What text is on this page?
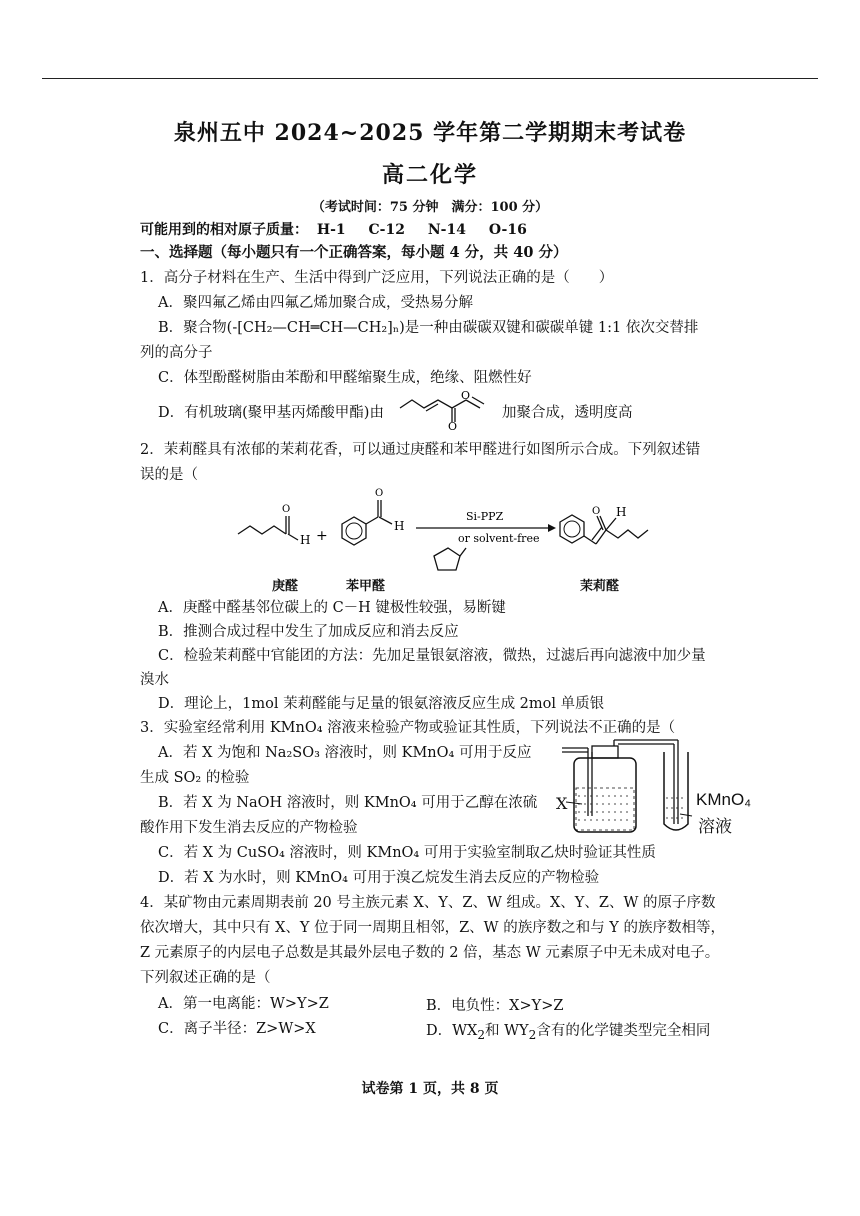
泉州五中 2024~2025 学年第二学期期末考试卷
高二化学
（考试时间：75 分钟　满分：100 分）
可能用到的相对原子质量： H-1 C-12 N-14 O-16
一、选择题（每小题只有一个正确答案，每小题 4 分，共 40 分）
1．高分子材料在生产、生活中得到广泛应用，下列说法正确的是（　　）
A．聚四氟乙烯由四氟乙烯加聚合成，受热易分解
B．聚合物(-[CH₂—CH═CH—CH₂]ₙ)是一种由碳碳双键和碳碳单键 1:1 依次交替排
列的高分子
C．体型酚醛树脂由苯酚和甲醛缩聚生成，绝缘、阻燃性好
D．有机玻璃(聚甲基丙烯酸甲酯)由
O
O
加聚合成，透明度高
2．茉莉醛具有浓郁的茉莉花香，可以通过庚醛和苯甲醛进行如图所示合成。下列叙述错
误的是（
O
H +
O
H
Si-PPZ
or solvent-free
O H
庚醛	苯甲醛	茉莉醛
A．庚醛中醛基邻位碳上的 C－H 键极性较强，易断键
B．推测合成过程中发生了加成反应和消去反应
C．检验茉莉醛中官能团的方法：先加足量银氨溶液，微热，过滤后再向滤液中加少量
溴水
D．理论上，1mol 茉莉醛能与足量的银氨溶液反应生成 2mol 单质银
3．实验室经常利用 KMnO₄ 溶液来检验产物或验证其性质，下列说法不正确的是（
A．若 X 为饱和 Na₂SO₃ 溶液时，则 KMnO₄ 可用于反应
生成 SO₂ 的检验
B．若 X 为 NaOH 溶液时，则 KMnO₄ 可用于乙醇在浓硫
酸作用下发生消去反应的产物检验
X	KMnO₄
溶液
C．若 X 为 CuSO₄ 溶液时，则 KMnO₄ 可用于实验室制取乙炔时验证其性质
D．若 X 为水时，则 KMnO₄ 可用于溴乙烷发生消去反应的产物检验
4．某矿物由元素周期表前 20 号主族元素 X、Y、Z、W 组成。X、Y、Z、W 的原子序数
依次增大，其中只有 X、Y 位于同一周期且相邻，Z、W 的族序数之和与 Y 的族序数相等，
Z 元素原子的内层电子总数是其最外层电子数的 2 倍，基态 W 元素原子中无未成对电子。
下列叙述正确的是（
A．第一电离能：W>Y>Z	B．电负性：X>Y>Z
C．离子半径：Z>W>X	D．$WX_2$和 $WY_2$含有的化学键类型完全相同
试卷第 1 页，共 8 页
